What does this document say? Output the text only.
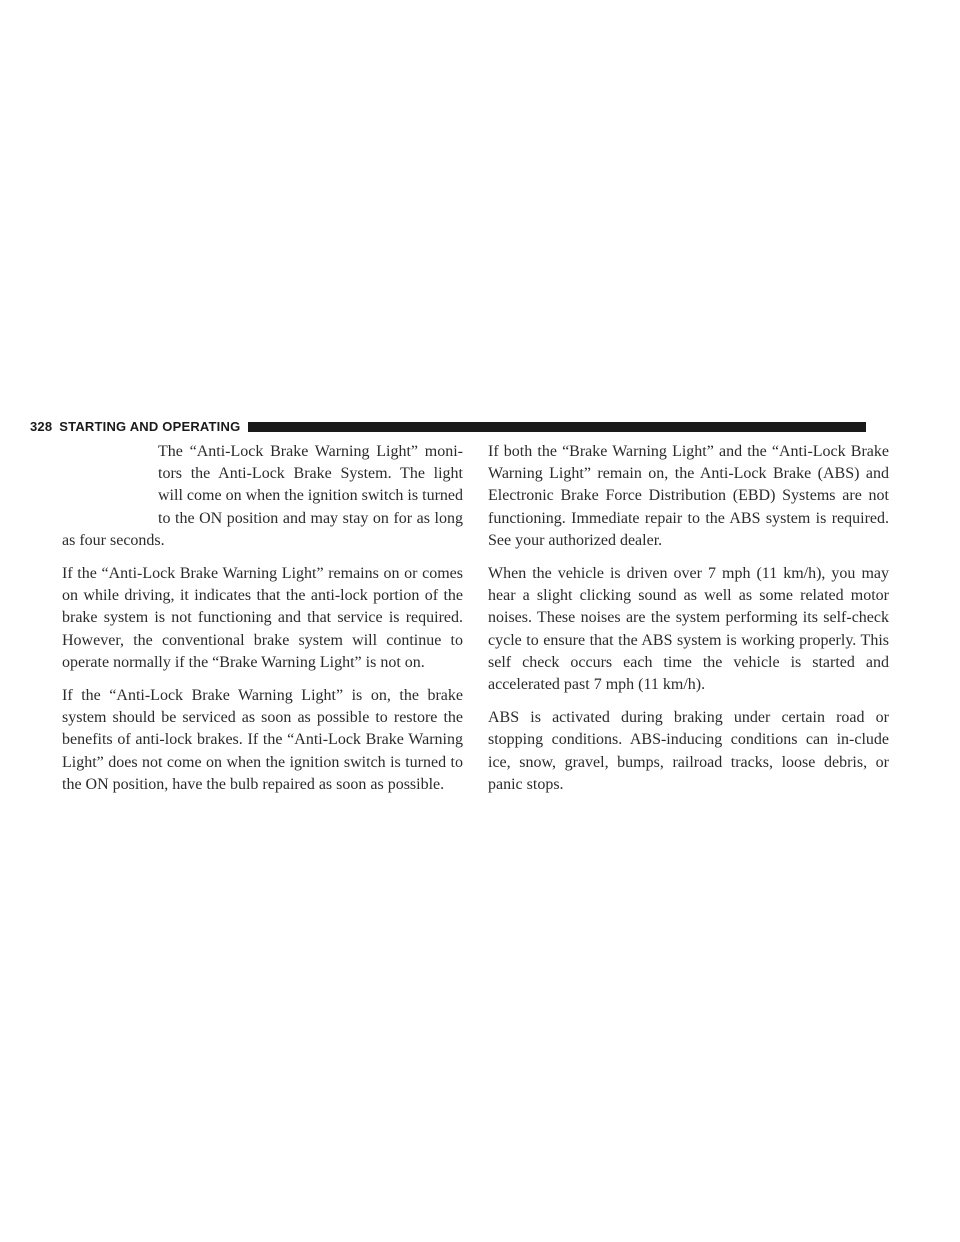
328 STARTING AND OPERATING

The “Anti-Lock Brake Warning Light” moni-tors the Anti-Lock Brake System. The light will come on when the ignition switch is turned to the ON position and may stay on for as long as four seconds.

If the “Anti-Lock Brake Warning Light” remains on or comes on while driving, it indicates that the anti-lock portion of the brake system is not functioning and that service is required. However, the conventional brake system will continue to operate normally if the “Brake Warning Light” is not on.

If the “Anti-Lock Brake Warning Light” is on, the brake system should be serviced as soon as possible to restore the benefits of anti-lock brakes. If the “Anti-Lock Brake Warning Light” does not come on when the ignition switch is turned to the ON position, have the bulb repaired as soon as possible.

If both the “Brake Warning Light” and the “Anti-Lock Brake Warning Light” remain on, the Anti-Lock Brake (ABS) and Electronic Brake Force Distribution (EBD) Systems are not functioning. Immediate repair to the ABS system is required. See your authorized dealer.

When the vehicle is driven over 7 mph (11 km/h), you may hear a slight clicking sound as well as some related motor noises. These noises are the system performing its self-check cycle to ensure that the ABS system is working properly. This self check occurs each time the vehicle is started and accelerated past 7 mph (11 km/h).

ABS is activated during braking under certain road or stopping conditions. ABS-inducing conditions can in-clude ice, snow, gravel, bumps, railroad tracks, loose debris, or panic stops.
